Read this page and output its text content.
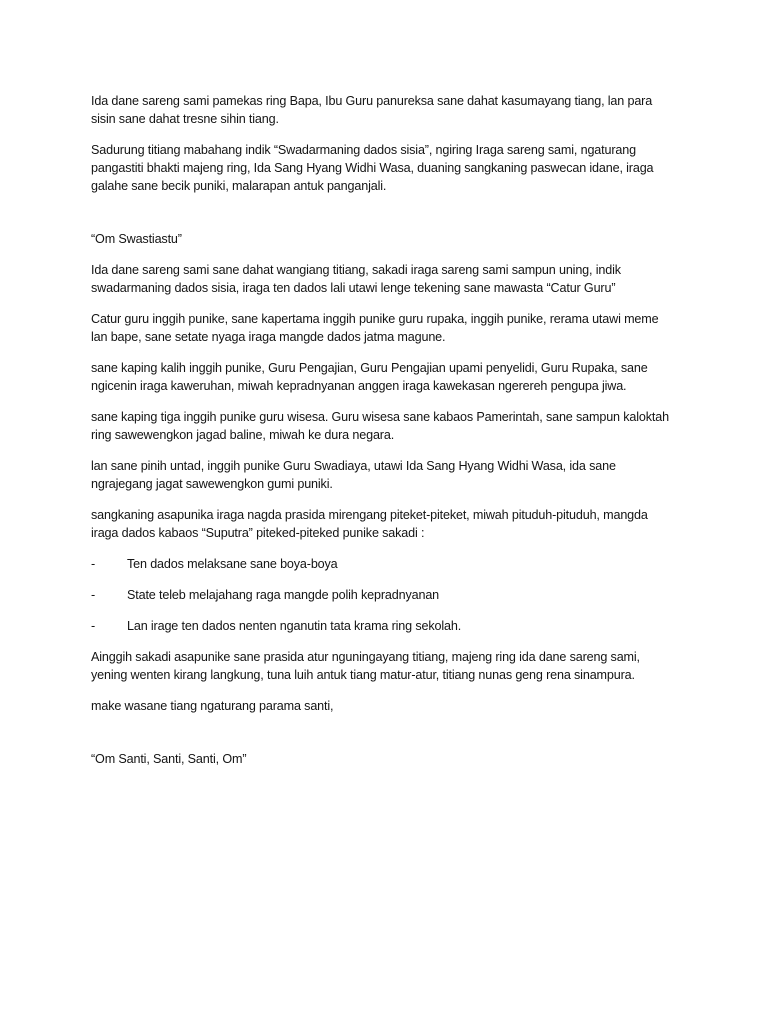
Ida dane sareng sami pamekas ring Bapa, Ibu Guru panureksa sane dahat kasumayang tiang, lan para
sisin sane dahat tresne sihin tiang.

Sadurung titiang mabahang indik “Swadarmaning dados sisia”, ngiring Iraga sareng sami, ngaturang
pangastiti bhakti majeng ring, Ida Sang Hyang Widhi Wasa, duaning sangkaning paswecan idane, iraga
galahe sane becik puniki, malarapan antuk panganjali.

“Om Swastiastu”

Ida dane sareng sami sane dahat wangiang titiang, sakadi iraga sareng sami sampun uning, indik
swadarmaning dados sisia, iraga ten dados lali utawi lenge tekening sane mawasta “Catur Guru”

Catur guru inggih punike, sane kapertama inggih punike guru rupaka, inggih punike, rerama utawi meme
lan bape, sane setate nyaga iraga mangde dados jatma magune.

sane kaping kalih inggih punike, Guru Pengajian, Guru Pengajian upami penyelidi, Guru Rupaka, sane
ngicenin iraga kaweruhan, miwah kepradnyanan anggen iraga kawekasan ngerereh pengupa jiwa.

sane kaping tiga inggih punike guru wisesa. Guru wisesa sane kabaos Pamerintah, sane sampun kaloktah
ring sawewengkon jagad baline, miwah ke dura negara.

lan sane pinih untad, inggih punike Guru Swadiaya, utawi Ida Sang Hyang Widhi Wasa, ida sane
ngrajegang jagat sawewengkon gumi puniki.

sangkaning asapunika iraga nagda prasida mirengang piteket-piteket, miwah pituduh-pituduh, mangda
iraga dados kabaos “Suputra” piteked-piteked punike sakadi :

-	Ten dados melaksane sane boya-boya
-	State teleb melajahang raga mangde polih kepradnyanan
-	Lan irage ten dados nenten nganutin tata krama ring sekolah.

Ainggih sakadi asapunike sane prasida atur nguningayang titiang, majeng ring ida dane sareng sami,
yening wenten kirang langkung, tuna luih antuk tiang matur-atur, titiang nunas geng rena sinampura.

make wasane tiang ngaturang parama santi,

“Om Santi, Santi, Santi, Om”
